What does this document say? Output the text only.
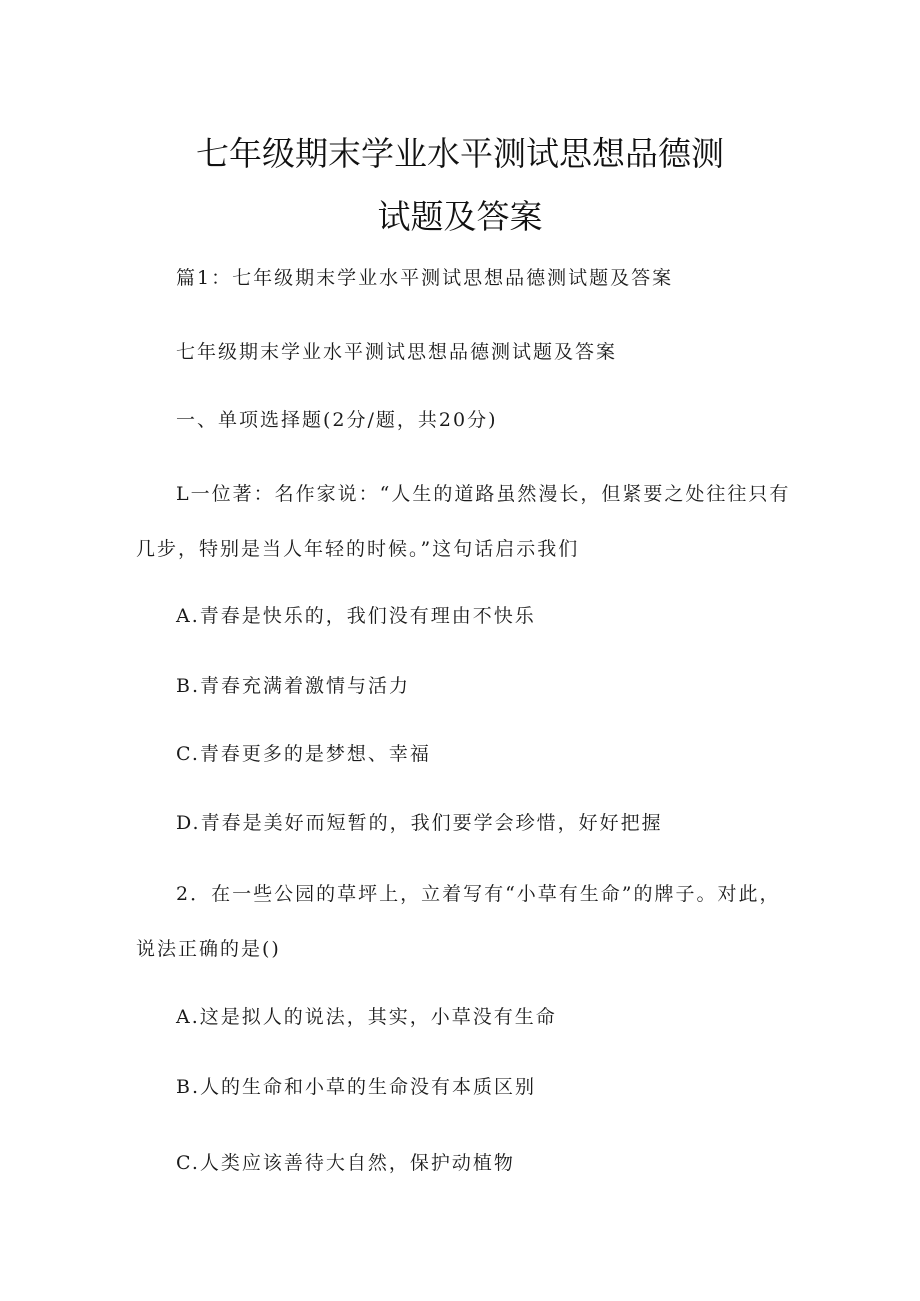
七年级期末学业水平测试思想品德测
试题及答案
篇1：七年级期末学业水平测试思想品德测试题及答案
七年级期末学业水平测试思想品德测试题及答案
一、单项选择题(2分/题，共20分)
L一位著：名作家说：“人生的道路虽然漫长，但紧要之处往往只有
几步，特别是当人年轻的时候。”这句话启示我们
A.青春是快乐的，我们没有理由不快乐
B.青春充满着激情与活力
C.青春更多的是梦想、幸福
D.青春是美好而短暂的，我们要学会珍惜，好好把握
2．在一些公园的草坪上，立着写有“小草有生命”的牌子。对此，
说法正确的是()
A.这是拟人的说法，其实，小草没有生命
B.人的生命和小草的生命没有本质区别
C.人类应该善待大自然，保护动植物
